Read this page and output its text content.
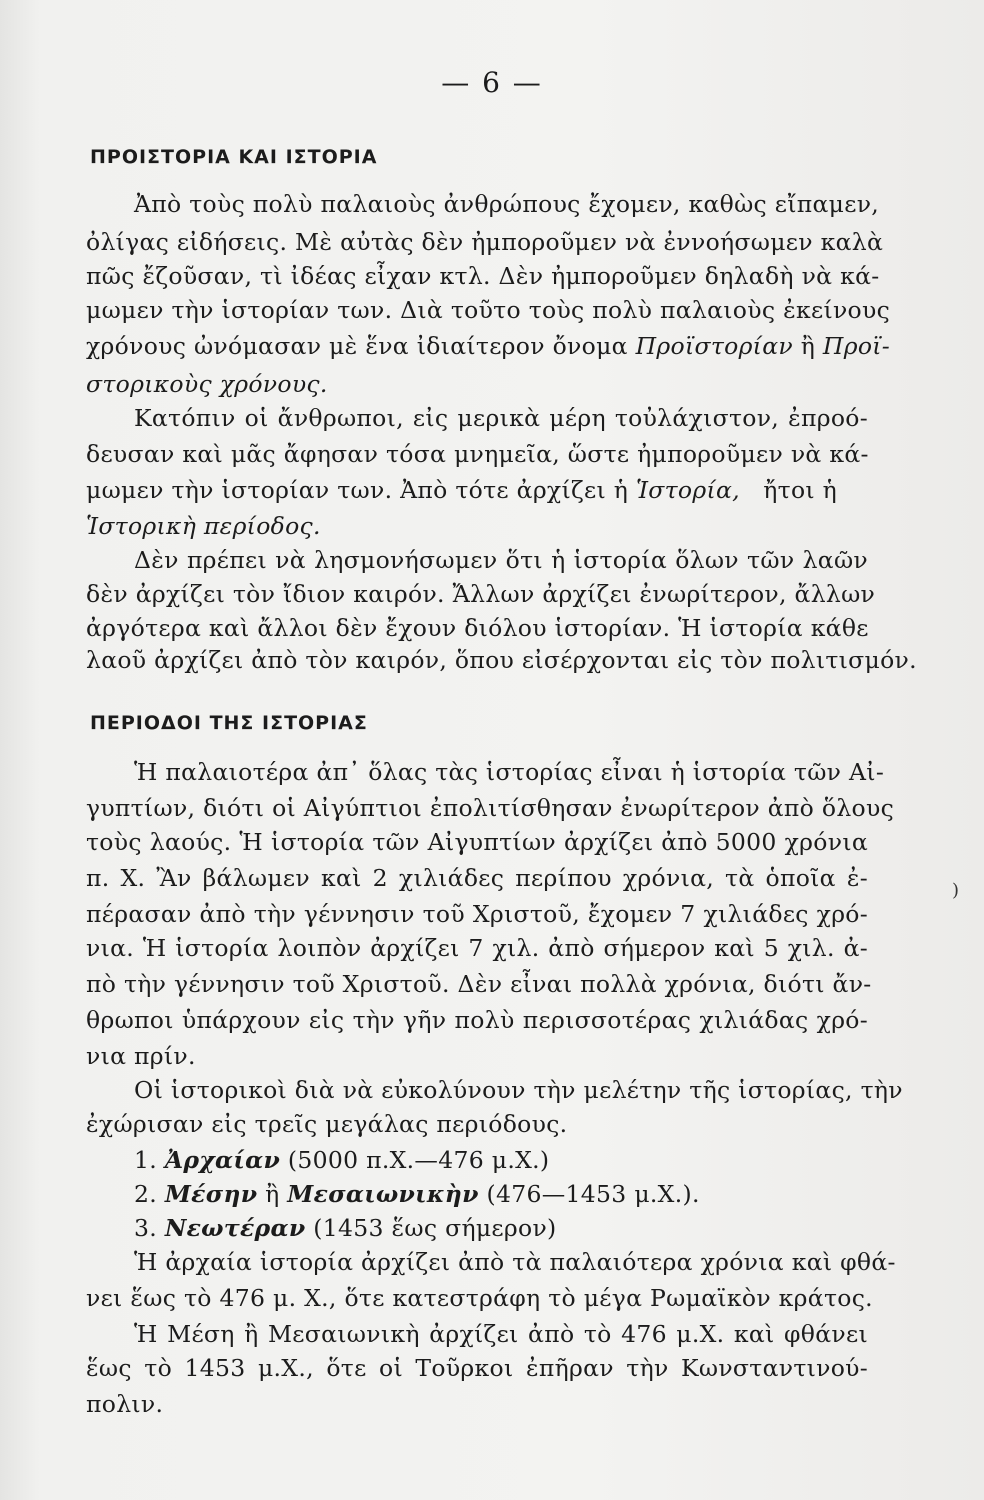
— 6 —
ΠΡΟΙΣΤΟΡΙΑ ΚΑΙ ΙΣΤΟΡΙΑ
Ἀπὸ τοὺς πολὺ παλαιοὺς ἀνθρώπους ἔχομεν, καθὼς εἴπαμεν,
ὀλίγας εἰδήσεις. Μὲ αὐτὰς δὲν ἠμποροῦμεν νὰ ἐννοήσωμεν καλὰ
πῶς ἔζοῦσαν, τὶ ἰδέας εἶχαν κτλ. Δὲν ἠμποροῦμεν δηλαδὴ νὰ κά-
μωμεν τὴν ἱστορίαν των. Διὰ τοῦτο τοὺς πολὺ παλαιοὺς ἐκείνους
χρόνους ὠνόμασαν μὲ ἕνα ἰδιαίτερον ὄνομα Προϊστορίαν ἢ Προϊ-
στορικοὺς χρόνους.
Κατόπιν οἱ ἄνθρωποι, εἰς μερικὰ μέρη τοὐλάχιστον, ἐπροό-
δευσαν καὶ μᾶς ἄφησαν τόσα μνημεῖα, ὥστε ἠμποροῦμεν νὰ κά-
μωμεν τὴν ἱστορίαν των. Ἀπὸ τότε ἀρχίζει ἡ Ἱστορία, ἤτοι ἡ
Ἱστορικὴ περίοδος.
Δὲν πρέπει νὰ λησμονήσωμεν ὅτι ἡ ἱστορία ὅλων τῶν λαῶν
δὲν ἀρχίζει τὸν ἴδιον καιρόν. Ἄλλων ἀρχίζει ἐνωρίτερον, ἄλλων
ἀργότερα καὶ ἄλλοι δὲν ἔχουν διόλου ἱστορίαν. Ἡ ἱστορία κάθε
λαοῦ ἀρχίζει ἀπὸ τὸν καιρόν, ὅπου εἰσέρχονται εἰς τὸν πολιτισμόν.
ΠΕΡΙΟΔΟΙ ΤΗΣ ΙΣΤΟΡΙΑΣ
Ἡ παλαιοτέρα ἀπ᾽ ὅλας τὰς ἱστορίας εἶναι ἡ ἱστορία τῶν Αἰ-
γυπτίων, διότι οἱ Αἰγύπτιοι ἐπολιτίσθησαν ἐνωρίτερον ἀπὸ ὅλους
τοὺς λαούς. Ἡ ἱστορία τῶν Αἰγυπτίων ἀρχίζει ἀπὸ 5000 χρόνια
π. Χ. Ἂν βάλωμεν καὶ 2 χιλιάδες περίπου χρόνια, τὰ ὁποῖα ἐ-
πέρασαν ἀπὸ τὴν γέννησιν τοῦ Χριστοῦ, ἔχομεν 7 χιλιάδες χρό-
νια. Ἡ ἱστορία λοιπὸν ἀρχίζει 7 χιλ. ἀπὸ σήμερον καὶ 5 χιλ. ἀ-
πὸ τὴν γέννησιν τοῦ Χριστοῦ. Δὲν εἶναι πολλὰ χρόνια, διότι ἄν-
θρωποι ὑπάρχουν εἰς τὴν γῆν πολὺ περισσοτέρας χιλιάδας χρό-
νια πρίν.
Οἱ ἱστορικοὶ διὰ νὰ εὐκολύνουν τὴν μελέτην τῆς ἱστορίας, τὴν
ἐχώρισαν εἰς τρεῖς μεγάλας περιόδους.
1. Ἀρχαίαν (5000 π.Χ.—476 μ.Χ.)
2. Μέσην ἢ Μεσαιωνικὴν (476—1453 μ.Χ.).
3. Νεωτέραν (1453 ἕως σήμερον)
Ἡ ἀρχαία ἱστορία ἀρχίζει ἀπὸ τὰ παλαιότερα χρόνια καὶ φθά-
νει ἕως τὸ 476 μ. Χ., ὅτε κατεστράφη τὸ μέγα Ρωμαϊκὸν κράτος.
Ἡ Μέση ἢ Μεσαιωνικὴ ἀρχίζει ἀπὸ τὸ 476 μ.Χ. καὶ φθάνει
ἕως τὸ 1453 μ.Χ., ὅτε οἱ Τοῦρκοι ἐπῆραν τὴν Κωνσταντινού-
πολιν.
)
